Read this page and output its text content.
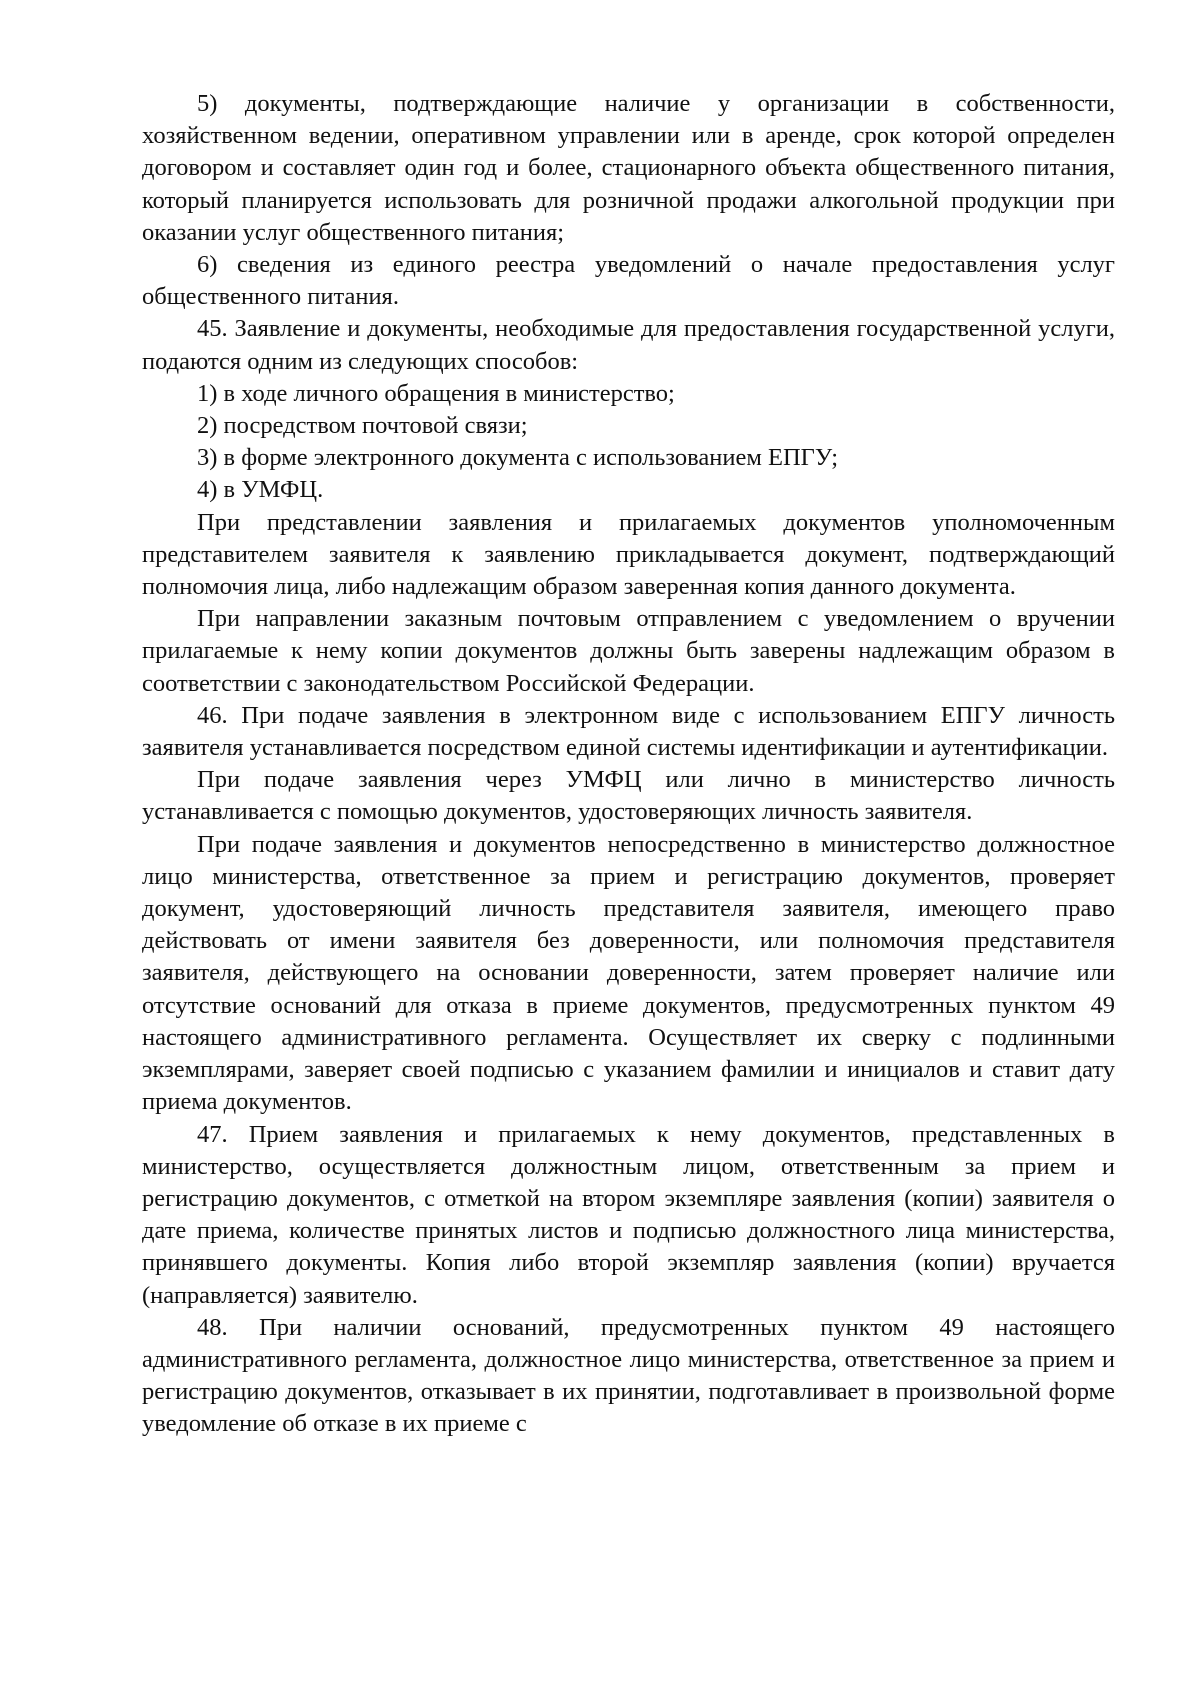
5) документы, подтверждающие наличие у организации в собственности, хозяйственном ведении, оперативном управлении или в аренде, срок которой определен договором и составляет один год и более, стационарного объекта общественного питания, который планируется использовать для розничной продажи алкогольной продукции при оказании услуг общественного питания;

6) сведения из единого реестра уведомлений о начале предоставления услуг общественного питания.

45. Заявление и документы, необходимые для предоставления государственной услуги, подаются одним из следующих способов:

1) в ходе личного обращения в министерство;

2) посредством почтовой связи;

3) в форме электронного документа с использованием ЕПГУ;

4) в УМФЦ.

При представлении заявления и прилагаемых документов уполномоченным представителем заявителя к заявлению прикладывается документ, подтверждающий полномочия лица, либо надлежащим образом заверенная копия данного документа.

При направлении заказным почтовым отправлением с уведомлением о вручении прилагаемые к нему копии документов должны быть заверены надлежащим образом в соответствии с законодательством Российской Федерации.

46. При подаче заявления в электронном виде с использованием ЕПГУ личность заявителя устанавливается посредством единой системы идентификации и аутентификации.

При подаче заявления через УМФЦ или лично в министерство личность устанавливается с помощью документов, удостоверяющих личность заявителя.

При подаче заявления и документов непосредственно в министерство должностное лицо министерства, ответственное за прием и регистрацию документов, проверяет документ, удостоверяющий личность представителя заявителя, имеющего право действовать от имени заявителя без доверенности, или полномочия представителя заявителя, действующего на основании доверенности, затем проверяет наличие или отсутствие оснований для отказа в приеме документов, предусмотренных пунктом 49 настоящего административного регламента. Осуществляет их сверку с подлинными экземплярами, заверяет своей подписью с указанием фамилии и инициалов и ставит дату приема документов.

47. Прием заявления и прилагаемых к нему документов, представленных в министерство, осуществляется должностным лицом, ответственным за прием и регистрацию документов, с отметкой на втором экземпляре заявления (копии) заявителя о дате приема, количестве принятых листов и подписью должностного лица министерства, принявшего документы. Копия либо второй экземпляр заявления (копии) вручается (направляется) заявителю.

48. При наличии оснований, предусмотренных пунктом 49 настоящего административного регламента, должностное лицо министерства, ответственное за прием и регистрацию документов, отказывает в их принятии, подготавливает в произвольной форме уведомление об отказе в их приеме с
